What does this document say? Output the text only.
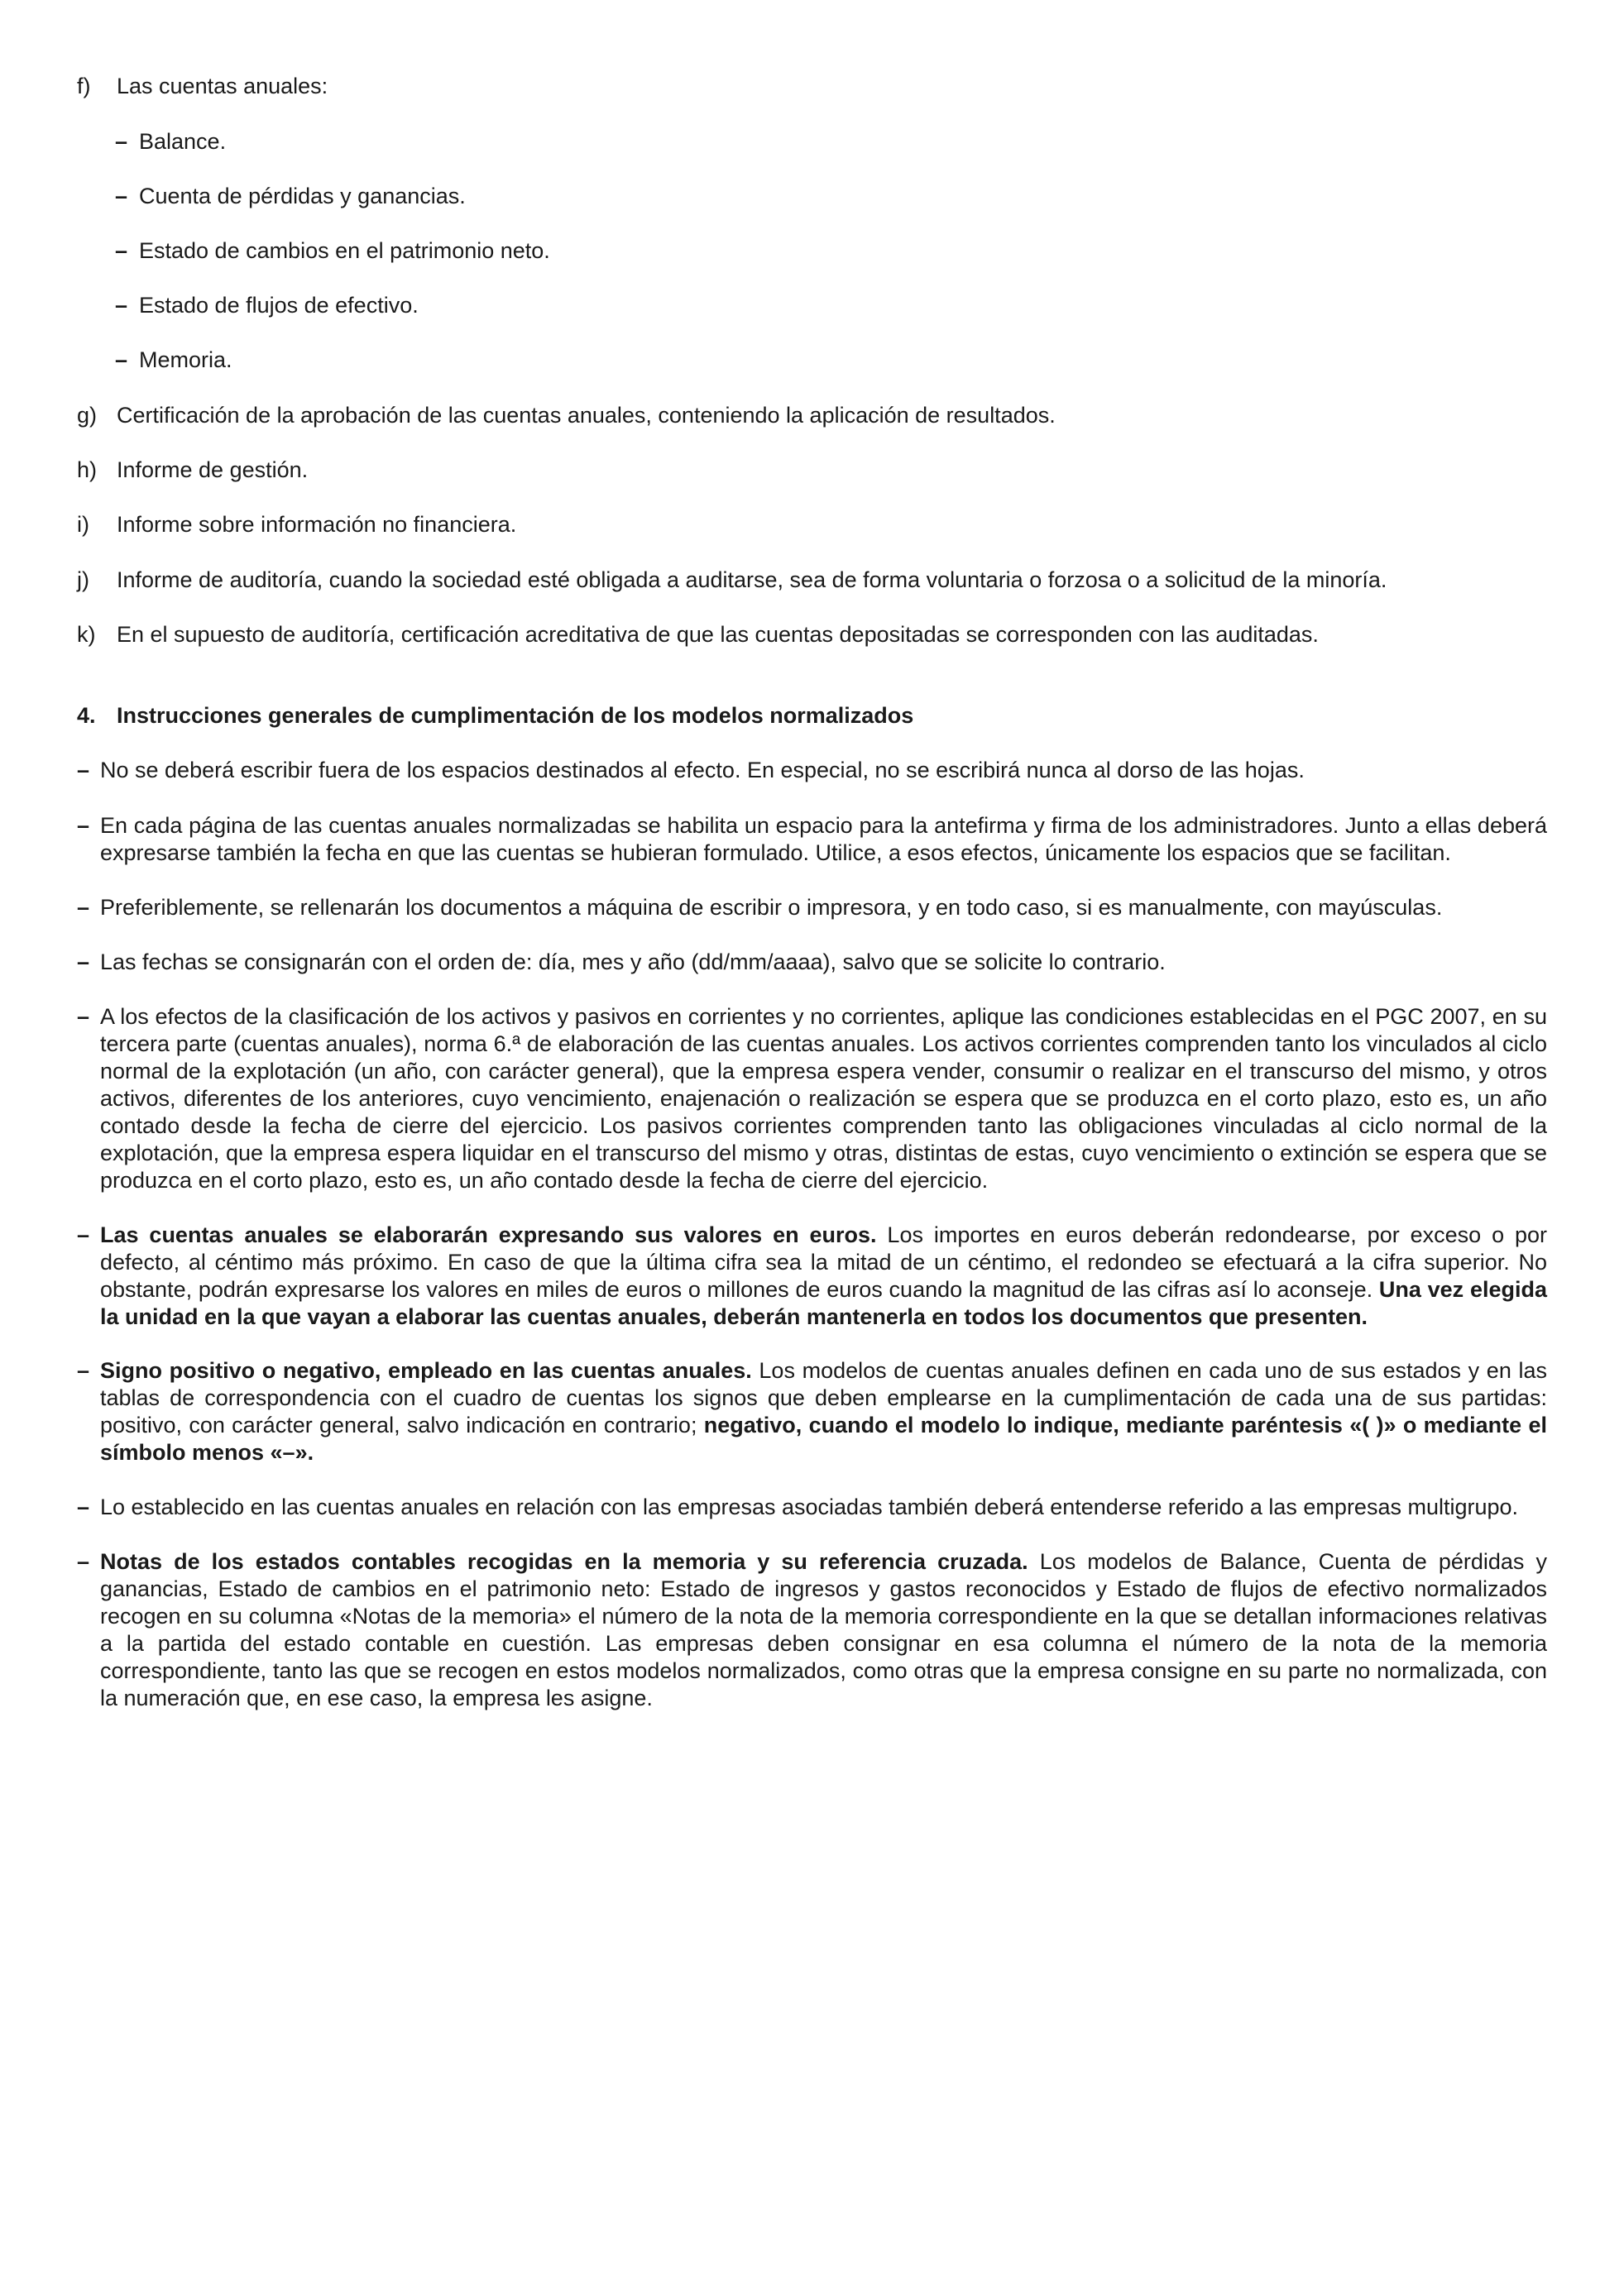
f) Las cuentas anuales:
– Balance.
– Cuenta de pérdidas y ganancias.
– Estado de cambios en el patrimonio neto.
– Estado de flujos de efectivo.
– Memoria.
g) Certificación de la aprobación de las cuentas anuales, conteniendo la aplicación de resultados.
h) Informe de gestión.
i) Informe sobre información no financiera.
j) Informe de auditoría, cuando la sociedad esté obligada a auditarse, sea de forma voluntaria o forzosa o a solicitud de la minoría.
k) En el supuesto de auditoría, certificación acreditativa de que las cuentas depositadas se corresponden con las auditadas.
4. Instrucciones generales de cumplimentación de los modelos normalizados
– No se deberá escribir fuera de los espacios destinados al efecto. En especial, no se escribirá nunca al dorso de las hojas.
– En cada página de las cuentas anuales normalizadas se habilita un espacio para la antefirma y firma de los administradores. Junto a ellas deberá expresarse también la fecha en que las cuentas se hubieran formulado. Utilice, a esos efectos, únicamente los espacios que se facilitan.
– Preferiblemente, se rellenarán los documentos a máquina de escribir o impresora, y en todo caso, si es manualmente, con mayúsculas.
– Las fechas se consignarán con el orden de: día, mes y año (dd/mm/aaaa), salvo que se solicite lo contrario.
– A los efectos de la clasificación de los activos y pasivos en corrientes y no corrientes, aplique las condiciones establecidas en el PGC 2007, en su tercera parte (cuentas anuales), norma 6.ª de elaboración de las cuentas anuales. Los activos corrientes comprenden tanto los vinculados al ciclo normal de la explotación (un año, con carácter general), que la empresa espera vender, consumir o realizar en el transcurso del mismo, y otros activos, diferentes de los anteriores, cuyo vencimiento, enajenación o realización se espera que se produzca en el corto plazo, esto es, un año contado desde la fecha de cierre del ejercicio. Los pasivos corrientes comprenden tanto las obligaciones vinculadas al ciclo normal de la explotación, que la empresa espera liquidar en el transcurso del mismo y otras, distintas de estas, cuyo vencimiento o extinción se espera que se produzca en el corto plazo, esto es, un año contado desde la fecha de cierre del ejercicio.
– Las cuentas anuales se elaborarán expresando sus valores en euros. Los importes en euros deberán redondearse, por exceso o por defecto, al céntimo más próximo. En caso de que la última cifra sea la mitad de un céntimo, el redondeo se efectuará a la cifra superior. No obstante, podrán expresarse los valores en miles de euros o millones de euros cuando la magnitud de las cifras así lo aconseje. Una vez elegida la unidad en la que vayan a elaborar las cuentas anuales, deberán mantenerla en todos los documentos que presenten.
– Signo positivo o negativo, empleado en las cuentas anuales. Los modelos de cuentas anuales definen en cada uno de sus estados y en las tablas de correspondencia con el cuadro de cuentas los signos que deben emplearse en la cumplimentación de cada una de sus partidas: positivo, con carácter general, salvo indicación en contrario; negativo, cuando el modelo lo indique, mediante paréntesis «( )» o mediante el símbolo menos «–».
– Lo establecido en las cuentas anuales en relación con las empresas asociadas también deberá entenderse referido a las empresas multigrupo.
– Notas de los estados contables recogidas en la memoria y su referencia cruzada. Los modelos de Balance, Cuenta de pérdidas y ganancias, Estado de cambios en el patrimonio neto: Estado de ingresos y gastos reconocidos y Estado de flujos de efectivo normalizados recogen en su columna «Notas de la memoria» el número de la nota de la memoria correspondiente en la que se detallan informaciones relativas a la partida del estado contable en cuestión. Las empresas deben consignar en esa columna el número de la nota de la memoria correspondiente, tanto las que se recogen en estos modelos normalizados, como otras que la empresa consigne en su parte no normalizada, con la numeración que, en ese caso, la empresa les asigne.
